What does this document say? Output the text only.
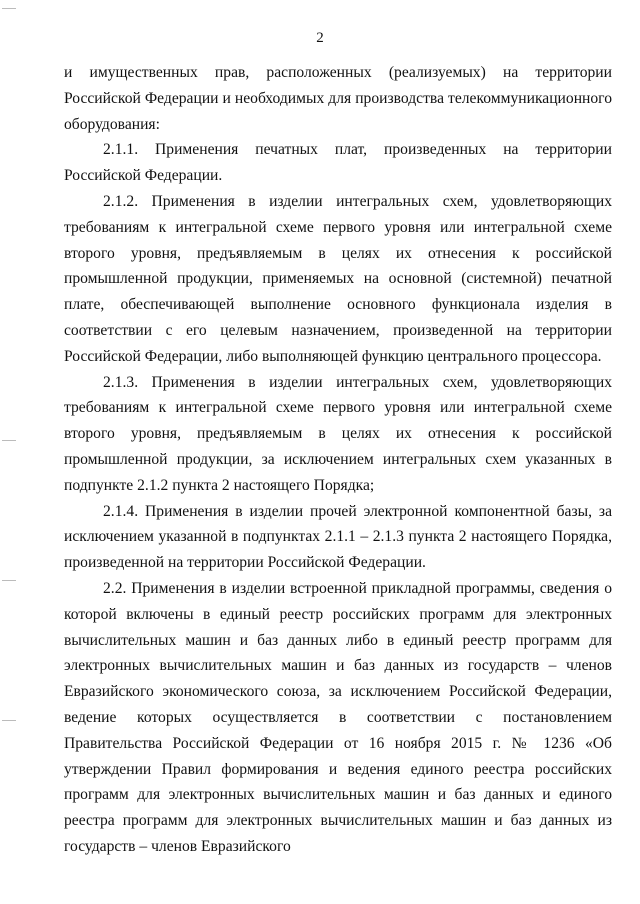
2

и имущественных прав, расположенных (реализуемых) на территории Российской Федерации и необходимых для производства телекоммуникационного оборудования:

2.1.1. Применения печатных плат, произведенных на территории Российской Федерации.

2.1.2. Применения в изделии интегральных схем, удовлетворяющих требованиям к интегральной схеме первого уровня или интегральной схеме второго уровня, предъявляемым в целях их отнесения к российской промышленной продукции, применяемых на основной (системной) печатной плате, обеспечивающей выполнение основного функционала изделия в соответствии с его целевым назначением, произведенной на территории Российской Федерации, либо выполняющей функцию центрального процессора.

2.1.3. Применения в изделии интегральных схем, удовлетворяющих требованиям к интегральной схеме первого уровня или интегральной схеме второго уровня, предъявляемым в целях их отнесения к российской промышленной продукции, за исключением интегральных схем указанных в подпункте 2.1.2 пункта 2 настоящего Порядка;

2.1.4. Применения в изделии прочей электронной компонентной базы, за исключением указанной в подпунктах 2.1.1 – 2.1.3 пункта 2 настоящего Порядка, произведенной на территории Российской Федерации.

2.2. Применения в изделии встроенной прикладной программы, сведения о которой включены в единый реестр российских программ для электронных вычислительных машин и баз данных либо в единый реестр программ для электронных вычислительных машин и баз данных из государств – членов Евразийского экономического союза, за исключением Российской Федерации, ведение которых осуществляется в соответствии с постановлением Правительства Российской Федерации от 16 ноября 2015 г. № 1236 «Об утверждении Правил формирования и ведения единого реестра российских программ для электронных вычислительных машин и баз данных и единого реестра программ для электронных вычислительных машин и баз данных из государств – членов Евразийского
